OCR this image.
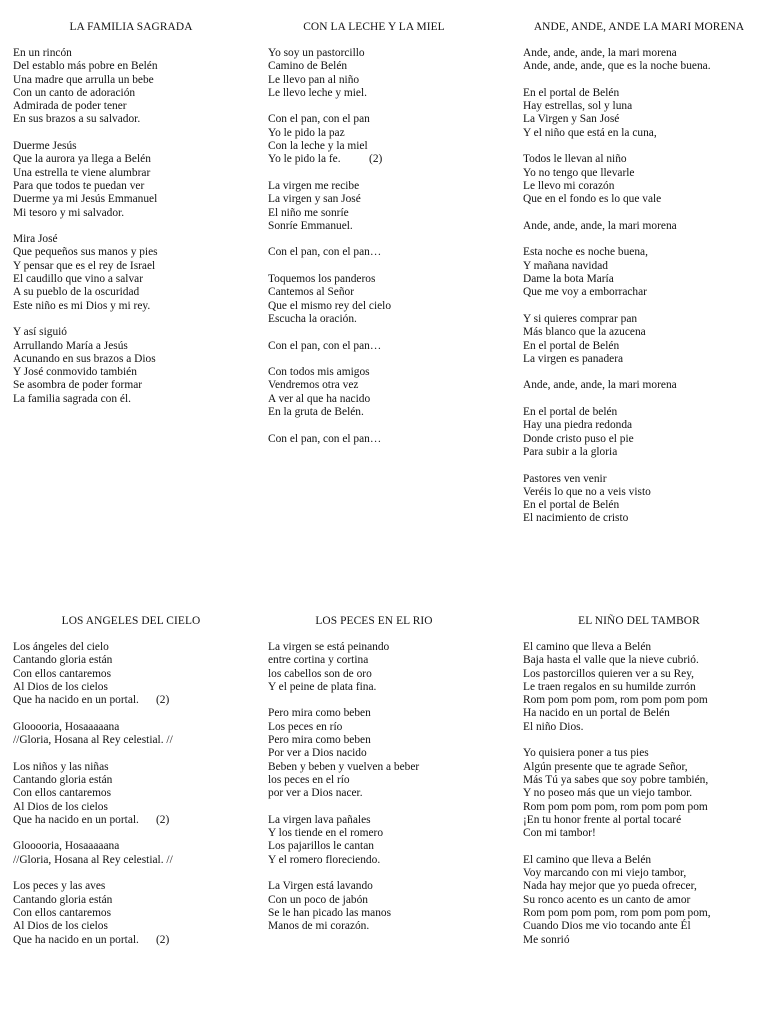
LA FAMILIA SAGRADA
En un rincón
Del establo más pobre en Belén
Una madre que arrulla un bebe
Con un canto de adoración
Admirada de poder tener
En sus brazos a su salvador.
Duerme Jesús
Que la aurora ya llega a Belén
Una estrella te viene alumbrar
Para que todos te puedan ver
Duerme ya mi Jesús Emmanuel
Mi tesoro y mi salvador.
Mira José
Que pequeños sus manos y pies
Y pensar que es el rey de Israel
El caudillo que vino a salvar
A su pueblo de la oscuridad
Este niño es mi Dios y mi rey.
Y así siguió
Arrullando María a Jesús
Acunando en sus brazos a Dios
Y José conmovido también
Se asombra de poder formar
La familia sagrada con él.
CON LA LECHE Y LA MIEL
Yo soy un pastorcillo
Camino de Belén
Le llevo pan al niño
Le llevo leche y miel.
Con el pan, con el pan
Yo le pido la paz
Con la leche y la miel
Yo le pido la fe.          (2)
La virgen me recibe
La virgen y san José
El niño me sonríe
Sonríe Emmanuel.
Con el pan, con el pan…
Toquemos los panderos
Cantemos al Señor
Que el mismo rey del cielo
Escucha la oración.
Con el pan, con el pan…
Con todos mis amigos
Vendremos otra vez
A ver al que ha nacido
En la gruta de Belén.
Con el pan, con el pan…
ANDE, ANDE, ANDE LA MARI MORENA
Ande, ande, ande, la mari morena
Ande, ande, ande, que es la noche buena.
En el portal de Belén
Hay estrellas, sol y luna
La Virgen y San José
Y el niño que está en la cuna,
Todos le llevan al niño
Yo no tengo que llevarle
Le llevo mi corazón
Que en el fondo es lo que vale
Ande, ande, ande, la mari morena
Esta noche es noche buena,
Y mañana navidad
Dame la bota María
Que me voy a emborrachar
Y si quieres comprar pan
Más blanco que la azucena
En el portal de Belén
La virgen es panadera
Ande, ande, ande, la mari morena
En el portal de belén
Hay una piedra redonda
Donde cristo puso el pie
Para subir a la gloria
Pastores ven venir
Veréis lo que no a veis visto
En el portal de Belén
El nacimiento de cristo
LOS ANGELES DEL CIELO
Los ángeles del cielo
Cantando gloria están
Con ellos cantaremos
Al Dios de los cielos
Que ha nacido en un portal.      (2)
Glooooria, Hosaaaaana
//Gloria, Hosana al Rey celestial. //
Los niños y las niñas
Cantando gloria están
Con ellos cantaremos
Al Dios de los cielos
Que ha nacido en un portal.      (2)
Glooooria, Hosaaaaana
//Gloria, Hosana al Rey celestial. //
Los peces y las aves
Cantando gloria están
Con ellos cantaremos
Al Dios de los cielos
Que ha nacido en un portal.      (2)
LOS PECES EN EL RIO
La virgen se está peinando
entre cortina y cortina
los cabellos son de oro
Y el peine de plata fina.
Pero mira como beben
Los peces en río
Pero mira como beben
Por ver a Dios nacido
Beben y beben y vuelven a beber
los peces en el río
por ver a Dios nacer.
La virgen lava pañales
Y los tiende en el romero
Los pajarillos le cantan
Y el romero floreciendo.
La Virgen está lavando
Con un poco de jabón
Se le han picado las manos
Manos de mi corazón.
EL NIÑO DEL TAMBOR
El camino que lleva a Belén
Baja hasta el valle que la nieve cubrió.
Los pastorcillos quieren ver a su Rey,
Le traen regalos en su humilde zurrón
Rom pom pom pom, rom pom pom pom
Ha nacido en un portal de Belén
El niño Dios.
Yo quisiera poner a tus pies
Algún presente que te agrade Señor,
Más Tú ya sabes que soy pobre también,
Y no poseo más que un viejo tambor.
Rom pom pom pom, rom pom pom pom
¡En tu honor frente al portal tocaré
Con mi tambor!
El camino que lleva a Belén
Voy marcando con mi viejo tambor,
Nada hay mejor que yo pueda ofrecer,
Su ronco acento es un canto de amor
Rom pom pom pom, rom pom pom pom,
Cuando Dios me vio tocando ante Él
Me sonrió
